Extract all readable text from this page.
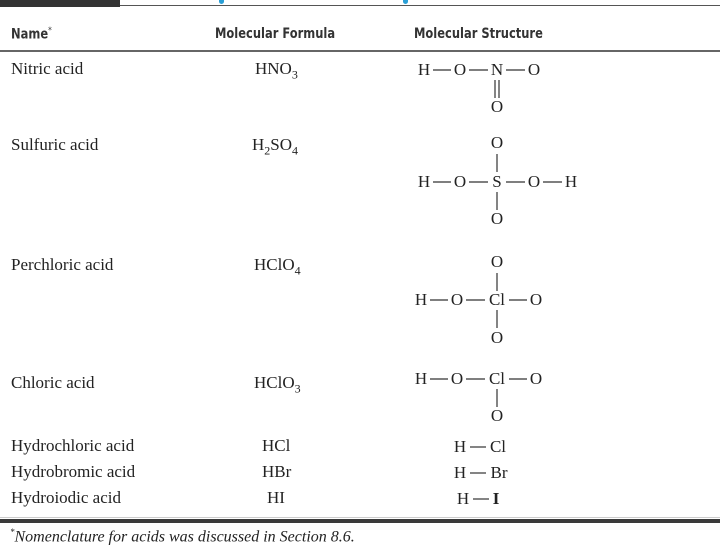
Name*	Molecular Formula	Molecular Structure
Nitric acid
Sulfuric acid
Perchloric acid
Chloric acid
Hydrochloric acid
Hydrobromic acid
Hydroiodic acid
$HNO_3$
$H_2SO_4$
HClO$_4$
HClO$_3$
HCl
HBr
HI
H O N O
O
O
H O S O H
O
O
H O Cl O
O
H O Cl O
O
H Cl
H Br
H I
*Nomenclature for acids was discussed in Section 8.6.
